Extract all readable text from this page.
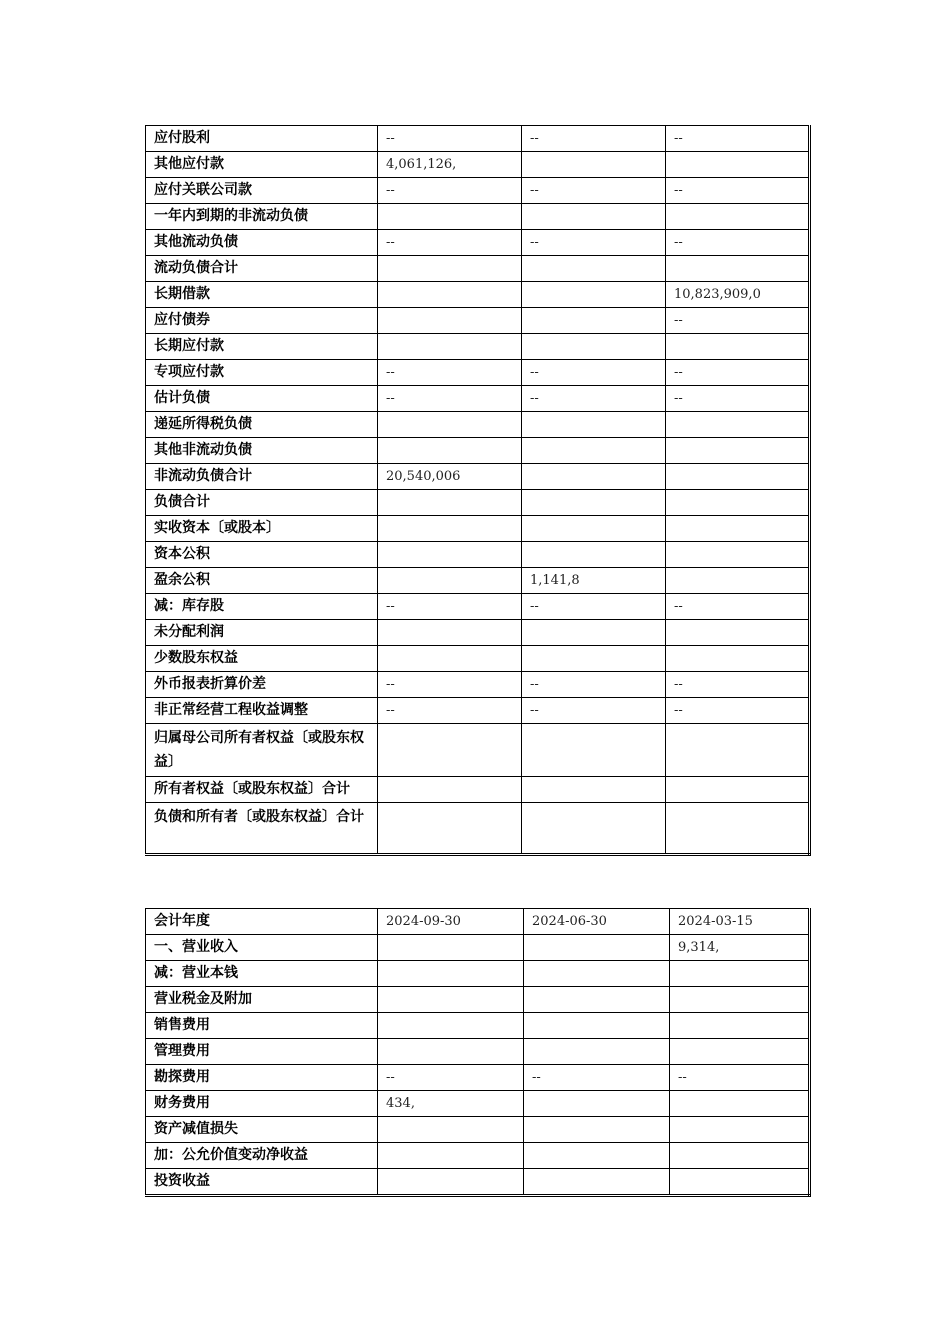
应付股利	--	--	--
其他应付款	4,061,126,		
应付关联公司款	--	--	--
一年内到期的非流动负债			
其他流动负债	--	--	--
流动负债合计			
长期借款			10,823,909,0
应付债券			--
长期应付款			
专项应付款	--	--	--
估计负债	--	--	--
递延所得税负债			
其他非流动负债			
非流动负债合计	20,540,006		
负债合计			
实收资本〔或股本〕			
资本公积			
盈余公积		1,141,8	
减：库存股	--	--	--
未分配利润			
少数股东权益			
外币报表折算价差	--	--	--
非正常经营工程收益调整	--	--	--
归属母公司所有者权益〔或股东权益〕			
所有者权益〔或股东权益〕合计			
负债和所有者〔或股东权益〕合计			
会计年度	2024-09-30	2024-06-30	2024-03-15
一、营业收入			9,314,
减：营业本钱			
营业税金及附加			
销售费用			
管理费用			
勘探费用	--	--	--
财务费用	434,		
资产减值损失			
加：公允价值变动净收益			
投资收益			
